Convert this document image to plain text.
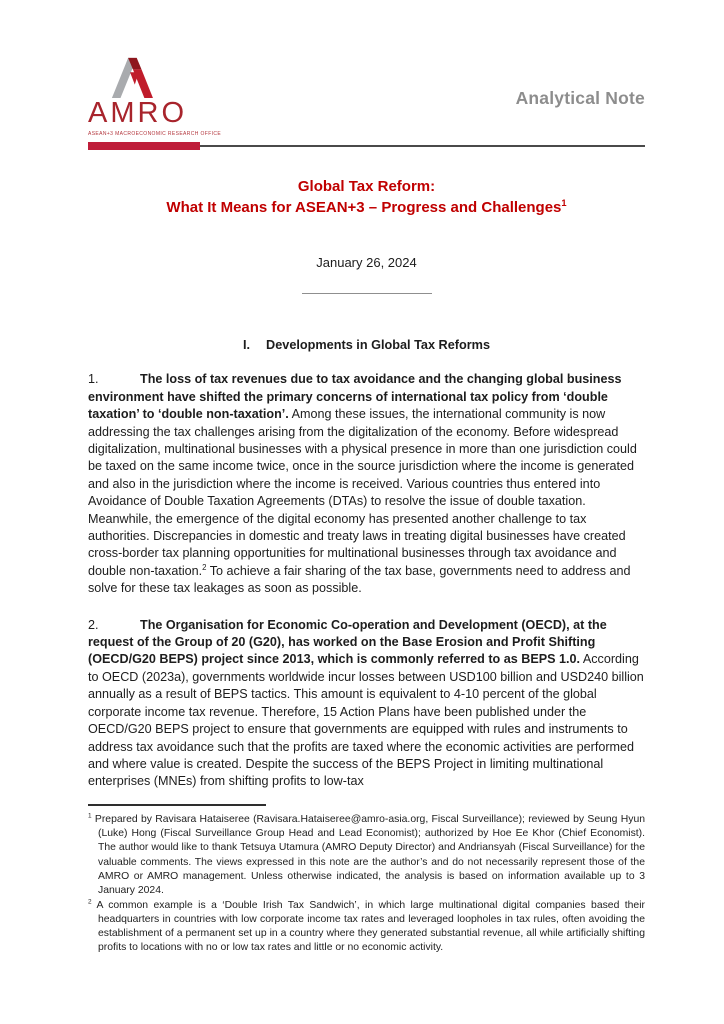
AMRO
ASEAN+3 MACROECONOMIC RESEARCH OFFICE
Analytical Note
Global Tax Reform:
What It Means for ASEAN+3 – Progress and Challenges$^1$
January 26, 2024
I. Developments in Global Tax Reforms

1.	The loss of tax revenues due to tax avoidance and the changing global business environment have shifted the primary concerns of international tax policy from ‘double taxation’ to ‘double non-taxation’. Among these issues, the international community is now addressing the tax challenges arising from the digitalization of the economy. Before widespread digitalization, multinational businesses with a physical presence in more than one jurisdiction could be taxed on the same income twice, once in the source jurisdiction where the income is generated and also in the jurisdiction where the income is received. Various countries thus entered into Avoidance of Double Taxation Agreements (DTAs) to resolve the issue of double taxation. Meanwhile, the emergence of the digital economy has presented another challenge to tax authorities. Discrepancies in domestic and treaty laws in treating digital businesses have created cross-border tax planning opportunities for multinational businesses through tax avoidance and double non-taxation.$^2$ To achieve a fair sharing of the tax base, governments need to address and solve for these tax leakages as soon as possible.

2.	The Organisation for Economic Co-operation and Development (OECD), at the request of the Group of 20 (G20), has worked on the Base Erosion and Profit Shifting (OECD/G20 BEPS) project since 2013, which is commonly referred to as BEPS 1.0. According to OECD (2023a), governments worldwide incur losses between USD100 billion and USD240 billion annually as a result of BEPS tactics. This amount is equivalent to 4-10 percent of the global corporate income tax revenue. Therefore, 15 Action Plans have been published under the OECD/G20 BEPS project to ensure that governments are equipped with rules and instruments to address tax avoidance such that the profits are taxed where the economic activities are performed and where value is created. Despite the success of the BEPS Project in limiting multinational enterprises (MNEs) from shifting profits to low-tax

$^1$ Prepared by Ravisara Hataiseree (Ravisara.Hataiseree@amro-asia.org, Fiscal Surveillance); reviewed by Seung Hyun (Luke) Hong (Fiscal Surveillance Group Head and Lead Economist); authorized by Hoe Ee Khor (Chief Economist). The author would like to thank Tetsuya Utamura (AMRO Deputy Director) and Andriansyah (Fiscal Surveillance) for the valuable comments. The views expressed in this note are the author’s and do not necessarily represent those of the AMRO or AMRO management. Unless otherwise indicated, the analysis is based on information available up to 3 January 2024.
$^2$ A common example is a ‘Double Irish Tax Sandwich’, in which large multinational digital companies based their headquarters in countries with low corporate income tax rates and leveraged loopholes in tax rules, often avoiding the establishment of a permanent set up in a country where they generated substantial revenue, all while artificially shifting profits to locations with no or low tax rates and little or no economic activity.
